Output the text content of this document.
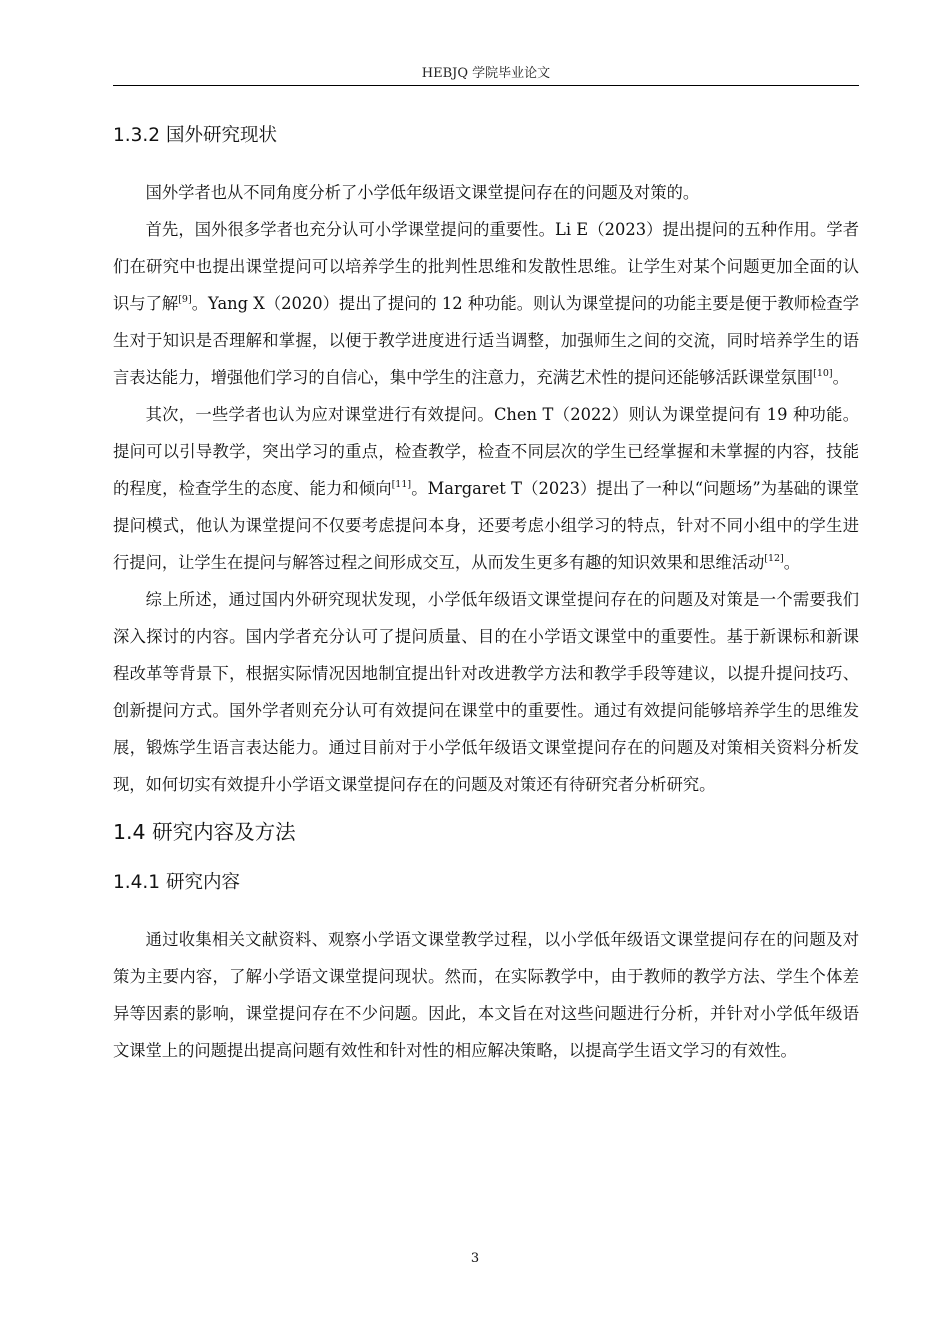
HEBJQ 学院毕业论文
1.3.2 国外研究现状

国外学者也从不同角度分析了小学低年级语文课堂提问存在的问题及对策的。

首先，国外很多学者也充分认可小学课堂提问的重要性。Li E（2023）提出提问的五种作用。学者们在研究中也提出课堂提问可以培养学生的批判性思维和发散性思维。让学生对某个问题更加全面的认识与了解[9]。Yang X（2020）提出了提问的 12 种功能。则认为课堂提问的功能主要是便于教师检查学生对于知识是否理解和掌握，以便于教学进度进行适当调整，加强师生之间的交流，同时培养学生的语言表达能力，增强他们学习的自信心，集中学生的注意力，充满艺术性的提问还能够活跃课堂氛围[10]。

其次，一些学者也认为应对课堂进行有效提问。Chen T（2022）则认为课堂提问有 19 种功能。提问可以引导教学，突出学习的重点，检查教学，检查不同层次的学生已经掌握和未掌握的内容，技能的程度，检查学生的态度、能力和倾向[11]。Margaret T（2023）提出了一种以“问题场”为基础的课堂提问模式，他认为课堂提问不仅要考虑提问本身，还要考虑小组学习的特点，针对不同小组中的学生进行提问，让学生在提问与解答过程之间形成交互，从而发生更多有趣的知识效果和思维活动[12]。

综上所述，通过国内外研究现状发现，小学低年级语文课堂提问存在的问题及对策是一个需要我们深入探讨的内容。国内学者充分认可了提问质量、目的在小学语文课堂中的重要性。基于新课标和新课程改革等背景下，根据实际情况因地制宜提出针对改进教学方法和教学手段等建议，以提升提问技巧、创新提问方式。国外学者则充分认可有效提问在课堂中的重要性。通过有效提问能够培养学生的思维发展，锻炼学生语言表达能力。通过目前对于小学低年级语文课堂提问存在的问题及对策相关资料分析发现，如何切实有效提升小学语文课堂提问存在的问题及对策还有待研究者分析研究。

1.4 研究内容及方法
1.4.1 研究内容

通过收集相关文献资料、观察小学语文课堂教学过程，以小学低年级语文课堂提问存在的问题及对策为主要内容，了解小学语文课堂提问现状。然而，在实际教学中，由于教师的教学方法、学生个体差异等因素的影响，课堂提问存在不少问题。因此，本文旨在对这些问题进行分析，并针对小学低年级语文课堂上的问题提出提高问题有效性和针对性的相应解决策略，以提高学生语文学习的有效性。

3
